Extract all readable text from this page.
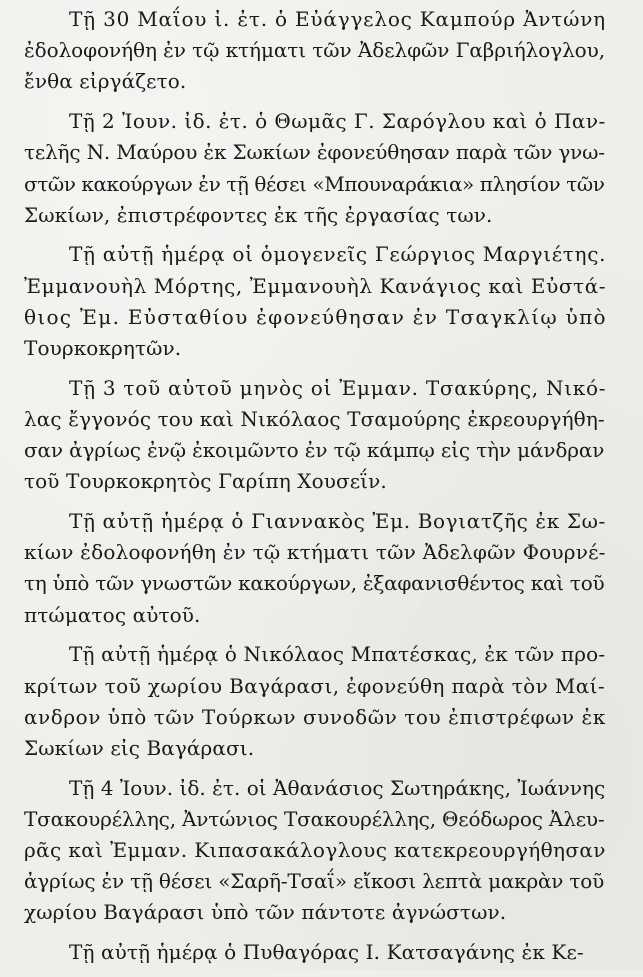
Τῇ 30 Μαΐου ἰ. ἐτ. ὁ Εὐάγγελος Καμπούρ Ἀντώνη
ἐδολοφονήθη ἐν τῷ κτήματι τῶν Ἀδελφῶν Γαβριήλογλου,
ἔνθα εἰργάζετο.

Τῇ 2 Ἰουν. ἰδ. ἐτ. ὁ Θωμᾶς Γ. Σαρόγλου καὶ ὁ Παν-
τελῆς Ν. Μαύρου ἐκ Σωκίων ἐφονεύθησαν παρὰ τῶν γνω-
στῶν κακούργων ἐν τῇ θέσει «Μπουναράκια» πλησίον τῶν
Σωκίων, ἐπιστρέφοντες ἐκ τῆς ἐργασίας των.

Τῇ αὐτῇ ἡμέρᾳ οἱ ὁμογενεῖς Γεώργιος Μαργιέτης.
Ἐμμανουὴλ Μόρτης, Ἐμμανουὴλ Κανάγιος καὶ Εὐστά-
θιος Ἐμ. Εὐσταθίου ἐφονεύθησαν ἐν Τσαγκλίῳ ὑπὸ
Τουρκοκρητῶν.

Τῇ 3 τοῦ αὐτοῦ μηνὸς οἱ Ἐμμαν. Τσακύρης, Νικό-
λας ἔγγονός του καὶ Νικόλαος Τσαμούρης ἐκρεουργήθη-
σαν ἀγρίως ἐνῷ ἐκοιμῶντο ἐν τῷ κάμπῳ εἰς τὴν μάνδραν
τοῦ Τουρκοκρητὸς Γαρίπη Χουσεΐν.

Τῇ αὐτῇ ἡμέρᾳ ὁ Γιαννακὸς Ἐμ. Βογιατζῆς ἐκ Σω-
κίων ἐδολοφονήθη ἐν τῷ κτήματι τῶν Ἀδελφῶν Φουρνέ-
τη ὑπὸ τῶν γνωστῶν κακούργων, ἐξαφανισθέντος καὶ τοῦ
πτώματος αὐτοῦ.

Τῇ αὐτῇ ἡμέρᾳ ὁ Νικόλαος Μπατέσκας, ἐκ τῶν προ-
κρίτων τοῦ χωρίου Βαγάρασι, ἐφονεύθη παρὰ τὸν Μαί-
ανδρον ὑπὸ τῶν Τούρκων συνοδῶν του ἐπιστρέφων ἐκ
Σωκίων εἰς Βαγάρασι.

Τῇ 4 Ἰουν. ἰδ. ἐτ. οἱ Ἀθανάσιος Σωτηράκης, Ἰωάννης
Τσακουρέλλης, Ἀντώνιος Τσακουρέλλης, Θεόδωρος Ἀλευ-
ρᾶς καὶ Ἐμμαν. Κιπασακάλογλους κατεκρεουργήθησαν
ἀγρίως ἐν τῇ θέσει «Σαρῆ-Τσαΐ» εἴκοσι λεπτὰ μακρὰν τοῦ
χωρίου Βαγάρασι ὑπὸ τῶν πάντοτε ἀγνώστων.

Τῇ αὐτῇ ἡμέρᾳ ὁ Πυθαγόρας Ι. Κατσαγάνης ἐκ Κε-
